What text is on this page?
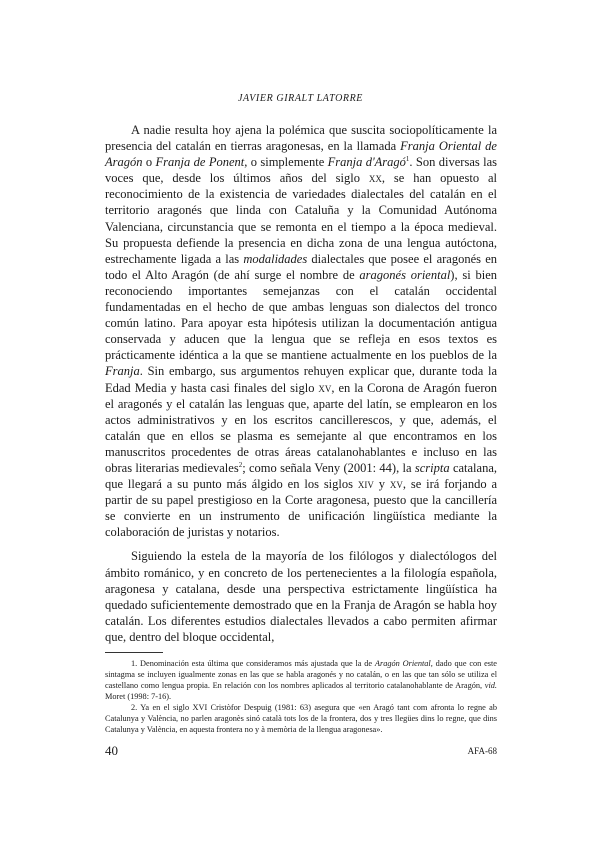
JAVIER GIRALT LATORRE

A nadie resulta hoy ajena la polémica que suscita sociopolíticamente la presencia del catalán en tierras aragonesas, en la llamada Franja Oriental de Aragón o Franja de Ponent, o simplemente Franja d'Aragó$^1$. Son diversas las voces que, desde los últimos años del siglo xx, se han opuesto al reconocimiento de la existencia de variedades dialectales del catalán en el territorio aragonés que linda con Cataluña y la Comunidad Autónoma Valenciana, circunstancia que se remonta en el tiempo a la época medieval. Su propuesta defiende la presencia en dicha zona de una lengua autóctona, estrechamente ligada a las modalidades dialectales que posee el aragonés en todo el Alto Aragón (de ahí surge el nombre de aragonés oriental), si bien reconociendo importantes semejanzas con el catalán occidental fundamentadas en el hecho de que ambas lenguas son dialectos del tronco común latino. Para apoyar esta hipótesis utilizan la documentación antigua conservada y aducen que la lengua que se refleja en esos textos es prácticamente idéntica a la que se mantiene actualmente en los pueblos de la Franja. Sin embargo, sus argumentos rehuyen explicar que, durante toda la Edad Media y hasta casi finales del siglo xv, en la Corona de Aragón fueron el aragonés y el catalán las lenguas que, aparte del latín, se emplearon en los actos administrativos y en los escritos cancillerescos, y que, además, el catalán que en ellos se plasma es semejante al que encontramos en los manuscritos procedentes de otras áreas catalanohablantes e incluso en las obras literarias medievales$^2$; como señala Veny (2001: 44), la scripta catalana, que llegará a su punto más álgido en los siglos xiv y xv, se irá forjando a partir de su papel prestigioso en la Corte aragonesa, puesto que la cancillería se convierte en un instrumento de unificación lingüística mediante la colaboración de juristas y notarios.

Siguiendo la estela de la mayoría de los filólogos y dialectólogos del ámbito románico, y en concreto de los pertenecientes a la filología española, aragonesa y catalana, desde una perspectiva estrictamente lingüística ha quedado suficientemente demostrado que en la Franja de Aragón se habla hoy catalán. Los diferentes estudios dialectales llevados a cabo permiten afirmar que, dentro del bloque occidental,

1. Denominación esta última que consideramos más ajustada que la de Aragón Oriental, dado que con este sintagma se incluyen igualmente zonas en las que se habla aragonés y no catalán, o en las que tan sólo se utiliza el castellano como lengua propia. En relación con los nombres aplicados al territorio catalanohablante de Aragón, vid. Moret (1998: 7-16).

2. Ya en el siglo XVI Cristòfor Despuig (1981: 63) asegura que «en Aragó tant com afronta lo regne ab Catalunya y València, no parlen aragonès sinó català tots los de la frontera, dos y tres llegües dins lo regne, que dins Catalunya y València, en aquesta frontera no y à memòria de la llengua aragonesa».

40	AFA-68
